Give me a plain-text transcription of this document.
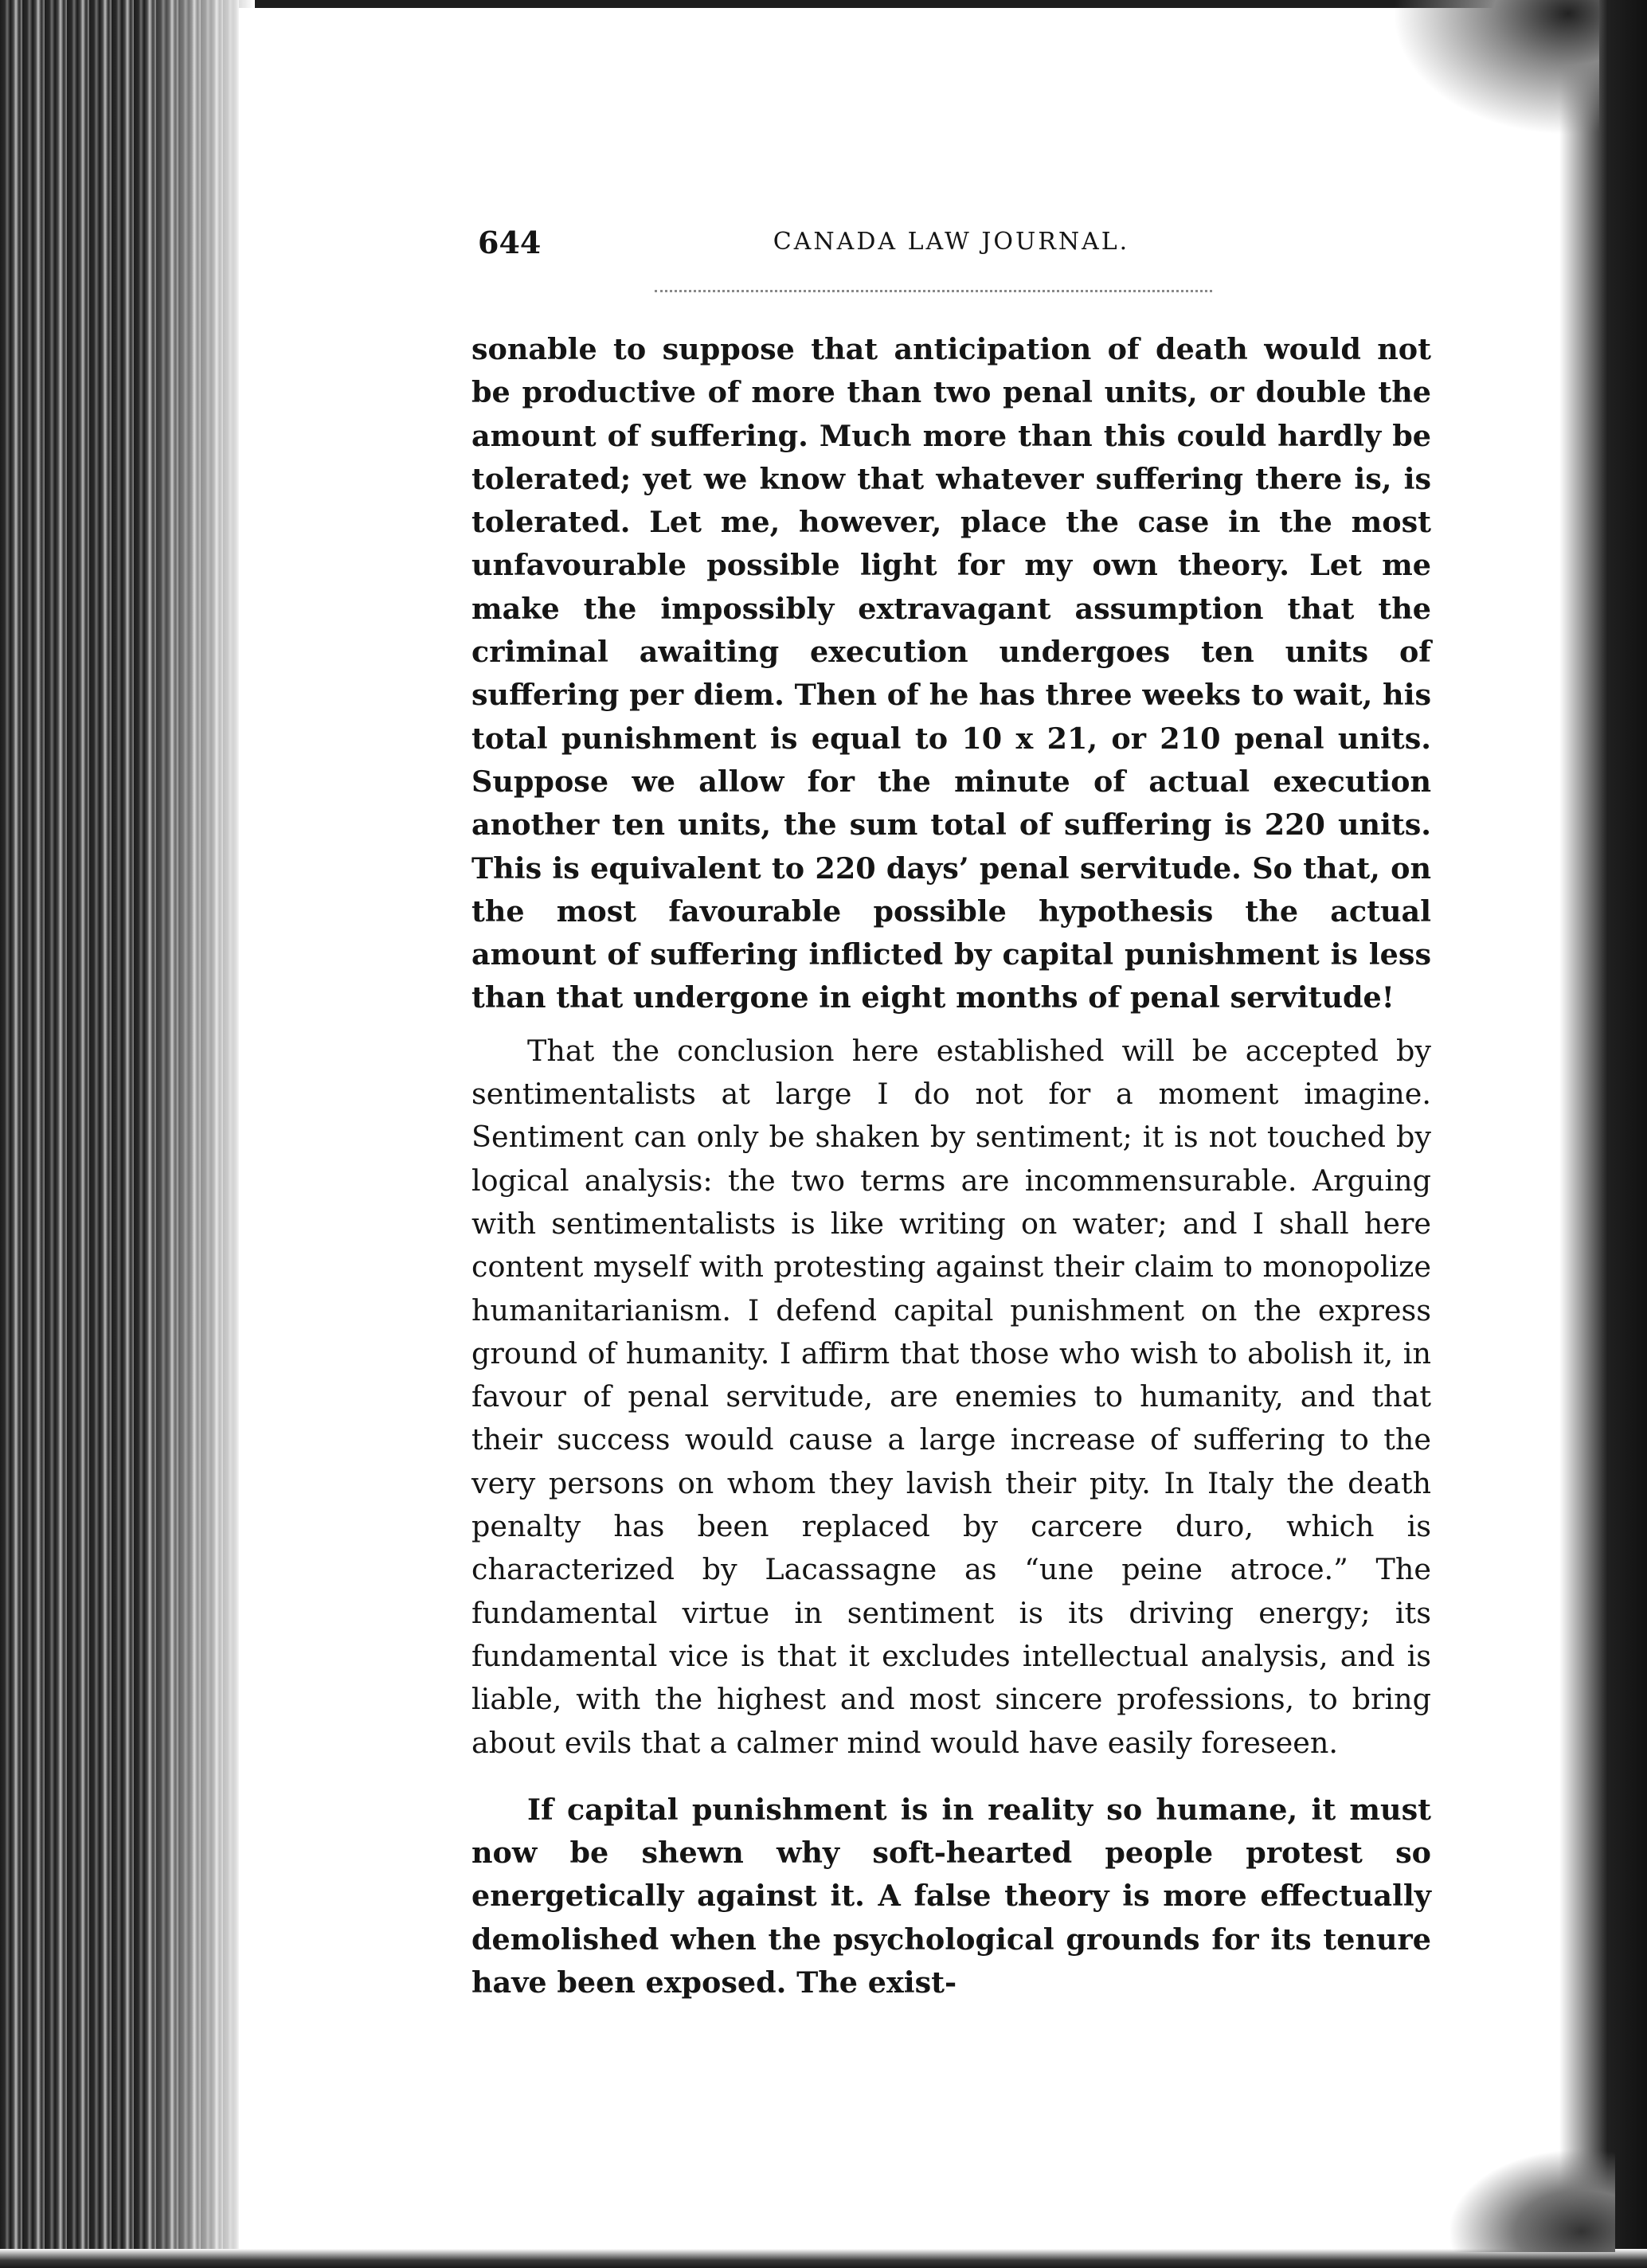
644	CANADA LAW JOURNAL.

sonable to suppose that anticipation of death would not be productive of more than two penal units, or double the amount of suffering. Much more than this could hardly be tolerated; yet we know that whatever suffering there is, is tolerated. Let me, however, place the case in the most unfavourable possible light for my own theory. Let me make the impossibly extravagant assumption that the criminal awaiting execution undergoes ten units of suffering per diem. Then of he has three weeks to wait, his total punishment is equal to 10 x 21, or 210 penal units. Suppose we allow for the minute of actual execution another ten units, the sum total of suffering is 220 units. This is equivalent to 220 days’ penal servitude. So that, on the most favourable possible hypothesis the actual amount of suffering inflicted by capital punishment is less than that undergone in eight months of penal servitude!

That the conclusion here established will be accepted by sentimentalists at large I do not for a moment imagine. Sentiment can only be shaken by sentiment; it is not touched by logical analysis: the two terms are incommensurable. Arguing with sentimentalists is like writing on water; and I shall here content myself with protesting against their claim to monopolize humanitarianism. I defend capital punishment on the express ground of humanity. I affirm that those who wish to abolish it, in favour of penal servitude, are enemies to humanity, and that their success would cause a large increase of suffering to the very persons on whom they lavish their pity. In Italy the death penalty has been replaced by carcere duro, which is characterized by Lacassagne as “une peine atroce.” The fundamental virtue in sentiment is its driving energy; its fundamental vice is that it excludes intellectual analysis, and is liable, with the highest and most sincere professions, to bring about evils that a calmer mind would have easily foreseen.

If capital punishment is in reality so humane, it must now be shewn why soft-hearted people protest so energetically against it. A false theory is more effectually demolished when the psychological grounds for its tenure have been exposed. The exist-
